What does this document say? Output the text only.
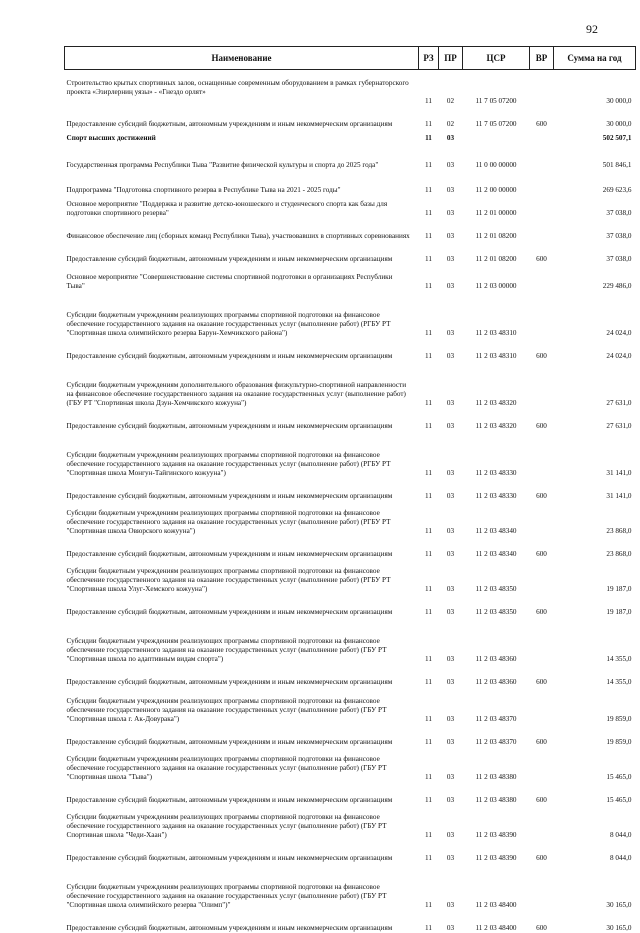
92
Наименование	РЗ	ПР	ЦСР	ВР	Сумма на год
Строительство крытых спортивных залов, оснащенные современным оборудованием в рамках губернаторского проекта «Эзирлерниң уязы» - «Гнездо орлят»					
	11	02	11 7 05 07200		30 000,0
Предоставление субсидий бюджетным, автономным учреждениям и иным некоммерческим организациям	11	02	11 7 05 07200	600	30 000,0
Спорт высших достижений	11	03			502 507,1
Государственная программа Республики Тыва "Развитие физической культуры и спорта до 2025 года"	11	03	11 0 00 00000		501 846,1
Подпрограмма "Подготовка спортивного резерва в Республике Тыва на 2021 - 2025 годы"	11	03	11 2 00 00000		269 623,6
Основное мероприятие "Поддержка и развитие детско-юношеского и студенческого спорта как базы для подготовки спортивного резерва"	11	03	11 2 01 00000		37 038,0
Финансовое обеспечение лиц (сборных команд Республики Тыва), участвовавших в спортивных соревнованиях	11	03	11 2 01 08200		37 038,0
Предоставление субсидий бюджетным, автономным учреждениям и иным некоммерческим организациям	11	03	11 2 01 08200	600	37 038,0
Основное мероприятие "Совершенствование системы спортивной подготовки в организациях Республики Тыва"	11	03	11 2 03 00000		229 486,0
Субсидии бюджетным учреждениям реализующих программы спортивной подготовки на финансовое обеспечение государственного задания на оказание государственных услуг (выполнение работ) (РГБУ РТ "Спортивная школа олимпийского резерва Барун-Хемчикского района")	11	03	11 2 03 48310		24 024,0
Предоставление субсидий бюджетным, автономным учреждениям и иным некоммерческим организациям	11	03	11 2 03 48310	600	24 024,0
Субсидии бюджетным учреждениям дополнительного образования физкультурно-спортивной направленности на финансовое обеспечение государственного задания на оказание государственных услуг (выполнение работ) (ГБУ РТ "Спортивная школа Дзун-Хемчикского кожууна")	11	03	11 2 03 48320		27 631,0
Предоставление субсидий бюджетным, автономным учреждениям и иным некоммерческим организациям	11	03	11 2 03 48320	600	27 631,0
Субсидии бюджетным учреждениям реализующих программы спортивной подготовки на финансовое обеспечение государственного задания на оказание государственных услуг (выполнение работ) (РГБУ РТ "Спортивная школа Монгун-Тайгинского кожууна")	11	03	11 2 03 48330		31 141,0
Предоставление субсидий бюджетным, автономным учреждениям и иным некоммерческим организациям	11	03	11 2 03 48330	600	31 141,0
Субсидии бюджетным учреждениям реализующих программы спортивной подготовки на финансовое обеспечение государственного задания на оказание государственных услуг (выполнение работ) (РГБУ РТ "Спортивная школа Овюрского кожууна")	11	03	11 2 03 48340		23 868,0
Предоставление субсидий бюджетным, автономным учреждениям и иным некоммерческим организациям	11	03	11 2 03 48340	600	23 868,0
Субсидии бюджетным учреждениям реализующих программы спортивной подготовки на финансовое обеспечение государственного задания на оказание государственных услуг (выполнение работ) (РГБУ РТ "Спортивная школа Улуг-Хемского кожууна")	11	03	11 2 03 48350		19 187,0
Предоставление субсидий бюджетным, автономным учреждениям и иным некоммерческим организациям	11	03	11 2 03 48350	600	19 187,0
Субсидии бюджетным учреждениям реализующих программы спортивной подготовки на финансовое обеспечение государственного задания на оказание государственных услуг (выполнение работ) (ГБУ РТ "Спортивная школа по адаптивным видам спорта")	11	03	11 2 03 48360		14 355,0
Предоставление субсидий бюджетным, автономным учреждениям и иным некоммерческим организациям	11	03	11 2 03 48360	600	14 355,0
Субсидии бюджетным учреждениям реализующих программы спортивной подготовки на финансовое обеспечение государственного задания на оказание государственных услуг (выполнение работ) (ГБУ РТ "Спортивная школа г. Ак-Довурака")	11	03	11 2 03 48370		19 859,0
Предоставление субсидий бюджетным, автономным учреждениям и иным некоммерческим организациям	11	03	11 2 03 48370	600	19 859,0
Субсидии бюджетным учреждениям реализующих программы спортивной подготовки на финансовое обеспечение государственного задания на оказание государственных услуг (выполнение работ) (ГБУ РТ "Спортивная школа "Тыва")	11	03	11 2 03 48380		15 465,0
Предоставление субсидий бюджетным, автономным учреждениям и иным некоммерческим организациям	11	03	11 2 03 48380	600	15 465,0
Субсидии бюджетным учреждениям реализующих программы спортивной подготовки на финансовое обеспечение государственного задания на оказание государственных услуг (выполнение работ) (ГБУ РТ Спортивная школа "Чеди-Хаан")	11	03	11 2 03 48390		8 044,0
Предоставление субсидий бюджетным, автономным учреждениям и иным некоммерческим организациям	11	03	11 2 03 48390	600	8 044,0
Субсидии бюджетным учреждениям реализующих программы спортивной подготовки на финансовое обеспечение государственного задания на оказание государственных услуг (выполнение работ) (ГБУ РТ "Спортивная школа олимпийского резерва "Олимп")"	11	03	11 2 03 48400		30 165,0
Предоставление субсидий бюджетным, автономным учреждениям и иным некоммерческим организациям	11	03	11 2 03 48400	600	30 165,0
